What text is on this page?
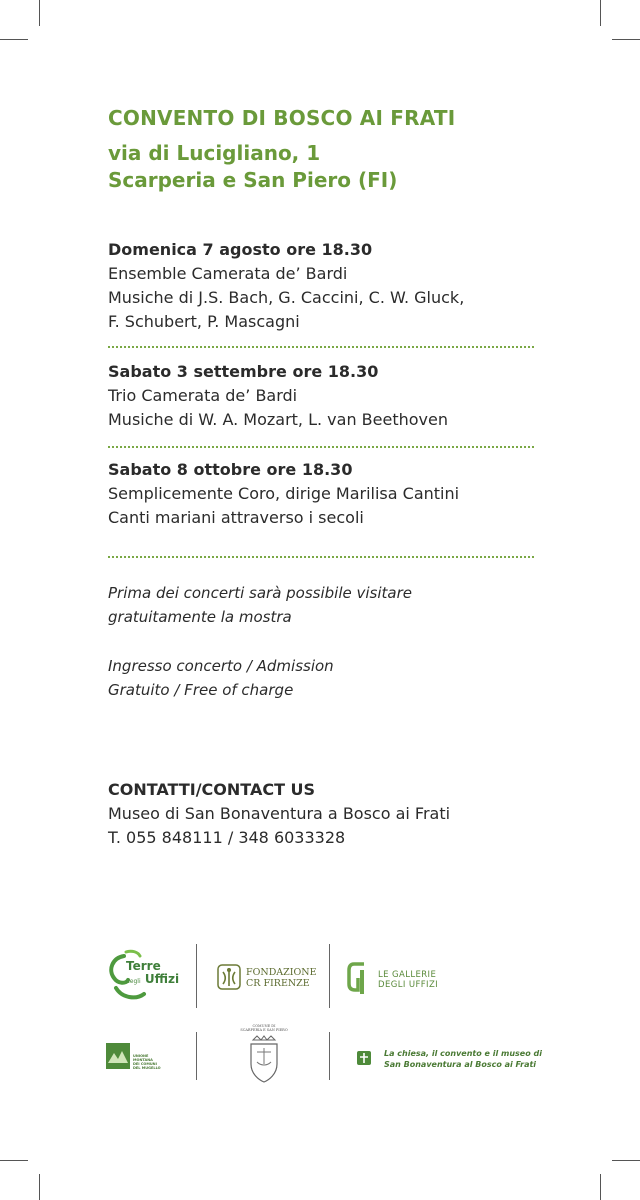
CONVENTO DI BOSCO AI FRATI
via di Lucigliano, 1
Scarperia e San Piero (FI)
Domenica 7 agosto ore 18.30
Ensemble Camerata de’ Bardi
Musiche di J.S. Bach, G. Caccini, C. W. Gluck,
F. Schubert, P. Mascagni
Sabato 3 settembre ore 18.30
Trio Camerata de’ Bardi
Musiche di W. A. Mozart, L. van Beethoven
Sabato 8 ottobre ore 18.30
Semplicemente Coro, dirige Marilisa Cantini
Canti mariani attraverso i secoli
Prima dei concerti sarà possibile visitare
gratuitamente la mostra
Ingresso concerto / Admission
Gratuito / Free of charge
CONTATTI/CONTACT US
Museo di San Bonaventura a Bosco ai Frati
T. 055 848111 / 348 6033328
Terre
degli Uffizi	FONDAZIONE
CR FIRENZE
LE GALLERIE
DEGLI UFFIZI
UNIONE MONTANA
DEI COMUNI
DEL MUGELLO
COMUNE DI
SCARPERIA E SAN PIERO
La chiesa, il convento e il museo di
San Bonaventura al Bosco ai Frati
